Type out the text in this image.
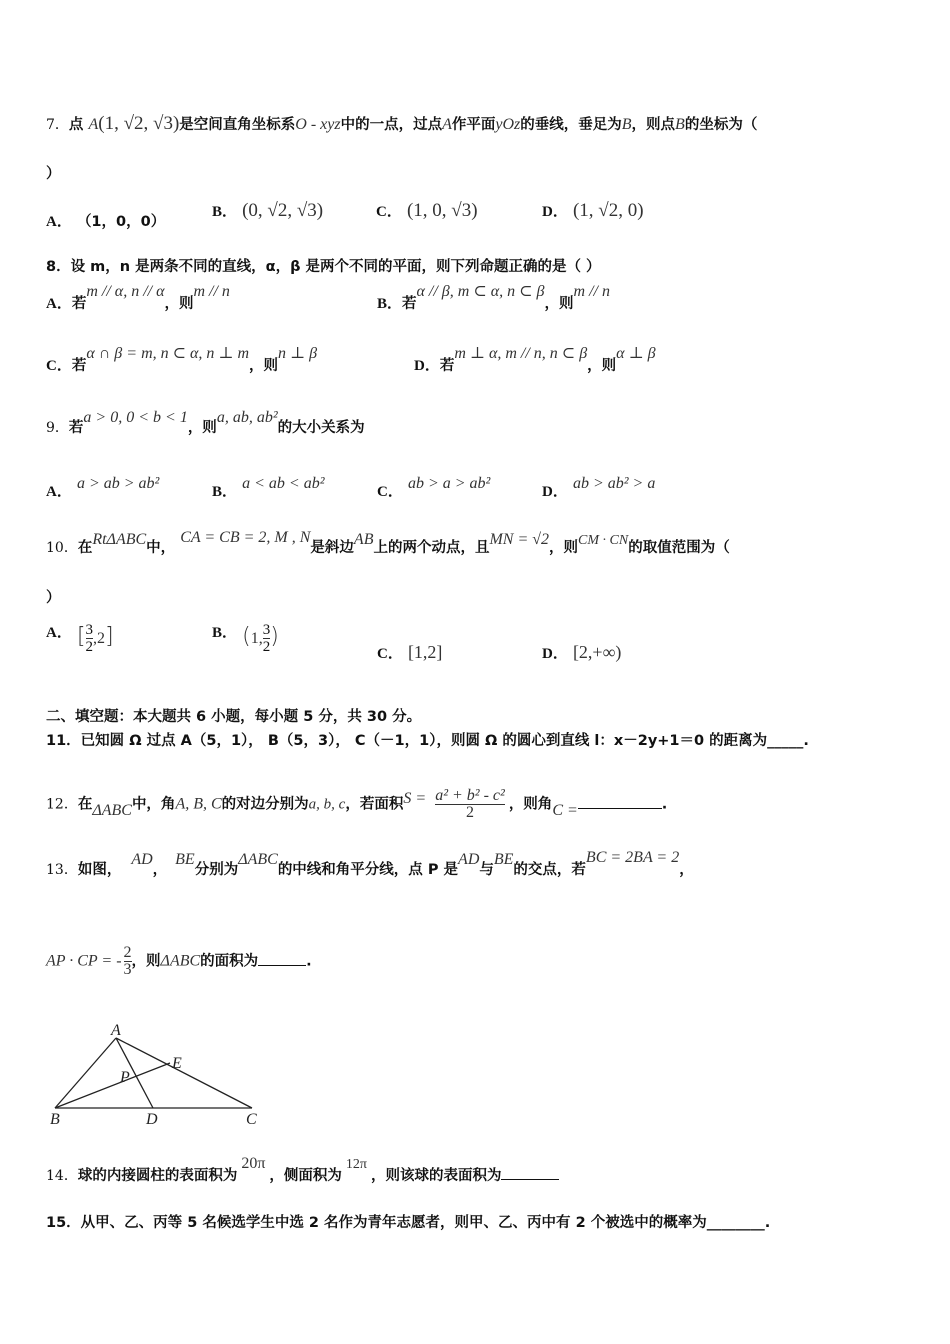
7．点 A(1, √2, √3)是空间直角坐标系O - xyz中的一点，过点A作平面yOz的垂线，垂足为B，则点B的坐标为（
）
A． （1，0，0）
B． (0, √2, √3)	C． (1, 0, √3)	D． (1, √2, 0)
8．设 m，n 是两条不同的直线，α，β 是两个不同的平面，则下列命题正确的是（ ）
A．若m // α, n // α，则m // n
B．若α // β, m ⊂ α, n ⊂ β，则m // n
C．若α ∩ β = m, n ⊂ α, n ⊥ m，则n ⊥ β
D．若m ⊥ α, m // n, n ⊂ β，则α ⊥ β
9．若a > 0, 0 < b < 1，则a, ab, ab²的大小关系为
A． a > ab > ab²	B． a < ab < ab²	C． ab > a > ab²	D． ab > ab² > a
10．在RtΔABC中， CA = CB = 2, M , N是斜边AB上的两个动点，且MN = √2，则CM · CN的取值范围为（
）
A． [ $\frac{3}{2} ,2$]	B． (1, $\frac{3}{2}$ )
C． [1,2]	D． [2,+∞)
二、填空题：本大题共 6 小题，每小题 5 分，共 30 分。
11．已知圆 Ω 过点 A（5，1）， B（5，3）， C（－1，1），则圆 Ω 的圆心到直线 l：x－2y+1＝0 的距离为_____.
12．在ΔABC中，角A, B, C的对边分别为a, b, c，若面积$S = \frac{\text{a² + b² - c²}}{2}$ ，则角C =	.
13．如图，AD，BE分别为ΔABC的中线和角平分线，点 P 是AD与BE的交点，若BC = 2BA = 2，
AP · CP = - $\frac{2}{3}$ ，则ΔABC的面积为	.
A
B	C
D
E
P
14．球的内接圆柱的表面积为20π，侧面积为12π，则该球的表面积为
15．从甲、乙、丙等 5 名候选学生中选 2 名作为青年志愿者，则甲、乙、丙中有 2 个被选中的概率为________.
